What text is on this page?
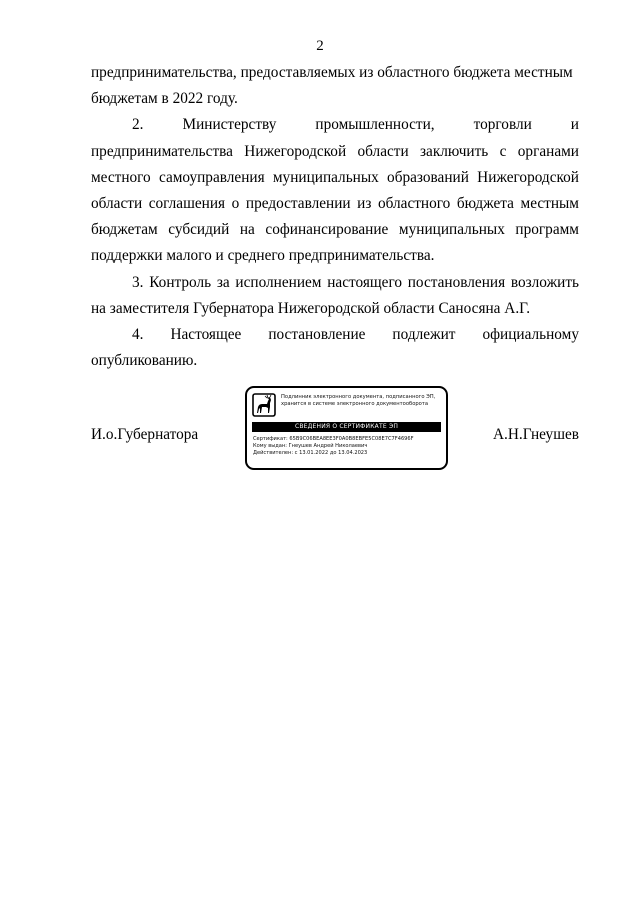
2

предпринимательства, предоставляемых из областного бюджета местным
бюджетам в 2022 году.

2. Министерству промышленности, торговли и предпринимательства Нижегородской области заключить с органами местного самоуправления муниципальных образований Нижегородской области соглашения о предоставлении из областного бюджета местным бюджетам субсидий на софинансирование муниципальных программ поддержки малого и среднего предпринимательства.

3. Контроль за исполнением настоящего постановления возложить на заместителя Губернатора Нижегородской области Саносяна А.Г.

4. Настоящее постановление подлежит официальному

опубликованию.

И.о.Губернатора	А.Н.Гнеушев
Подлинник электронного документа, подписанного ЭП,
хранится в системе электронного документооборота
СВЕДЕНИЯ О СЕРТИФИКАТЕ ЭП
Сертификат: 65B9C06BEA8EE3F0A0B8EBFE5C08E7C7F4696F
Кому выдан: Гнеушев Андрей Николаевич
Действителен: с 13.01.2022 до 13.04.2023
